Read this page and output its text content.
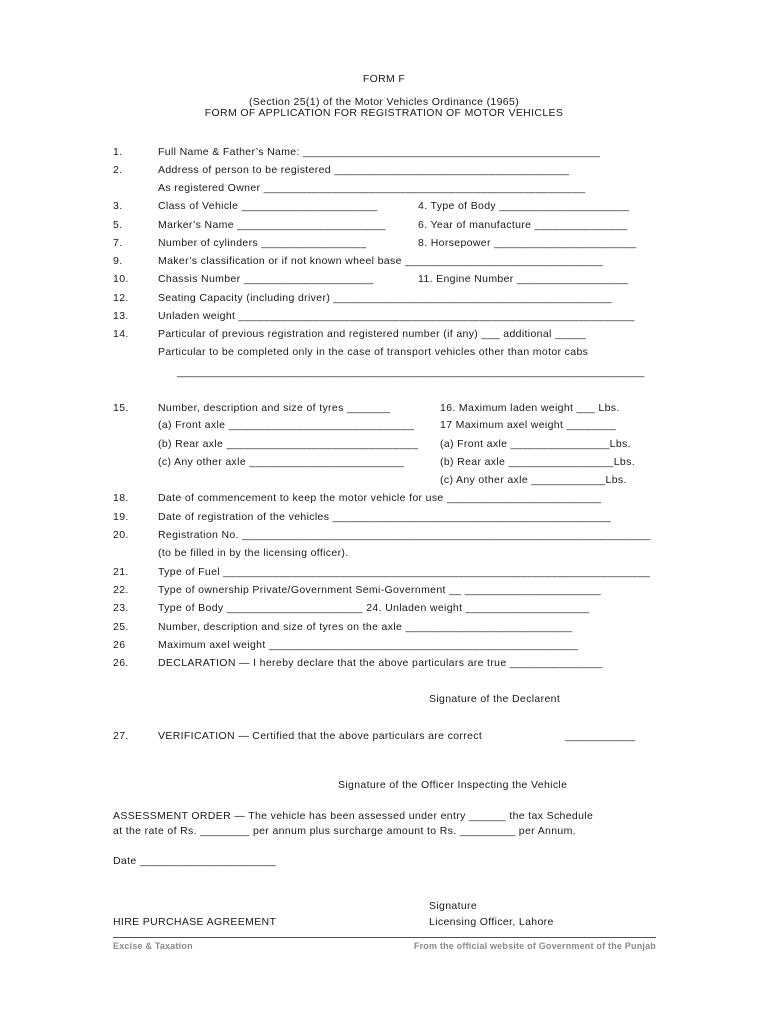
FORM F
(Section 25(1) of the Motor Vehicles Ordinance (1965)
FORM OF APPLICATION FOR REGISTRATION OF MOTOR VEHICLES
1.	Full Name & Father’s Name: ________________________________________________
2.	Address of person to be registered ______________________________________
As registered Owner ____________________________________________________
3.	Class of Vehicle ______________________	4. Type of Body _____________________
5.	Marker’s Name ________________________	6. Year of manufacture _______________
7.	Number of cylinders _________________	8. Horsepower _______________________
9.	Maker’s classification or if not known wheel base ________________________________
10.	Chassis Number _____________________	11. Engine Number __________________
12.	Seating Capacity (including driver) _____________________________________________
13.	Unladen weight ________________________________________________________________
14.	Particular of previous registration and registered number (if any) ___ additional _____
Particular to be completed only in the case of transport vehicles other than motor cabs
________________________________________________________________________________
15.	Number, description and size of tyres _______	16. Maximum laden weight ___ Lbs.
(a) Front axle ______________________________ 17 Maximum axel weight ________
(b) Rear axle _______________________________ (a) Front axle ________________Lbs.
(c) Any other axle _________________________	(b) Rear axle _________________Lbs.
(c) Any other axle ____________Lbs.
18.	Date of commencement to keep the motor vehicle for use _________________________
19.	Date of registration of the vehicles _____________________________________________
20.	Registration No. __________________________________________________________________
(to be filled in by the licensing officer).
21.	Type of Fuel _____________________________________________________________________
22.	Type of ownership Private/Government Semi-Government __ ______________________
23.	Type of Body ______________________ 24. Unladen weight ____________________
25.	Number, description and size of tyres on the axle ___________________________
26	Maximum axel weight __________________________________________________
26.	DECLARATION — I hereby declare that the above particulars are true _______________
Signature of the Declarent
27.	VERIFICATION — Certified that the above particulars are correct	____________
Signature of the Officer Inspecting the Vehicle
ASSESSMENT ORDER — The vehicle has been assessed under entry ______ the tax Schedule
at the rate of Rs. ________ per annum plus surcharge amount to Rs. _________ per Annum.
Date ______________________
Signature
HIRE PURCHASE AGREEMENT	Licensing Officer, Lahore
Excise & Taxation	From the official website of Government of the Punjab
